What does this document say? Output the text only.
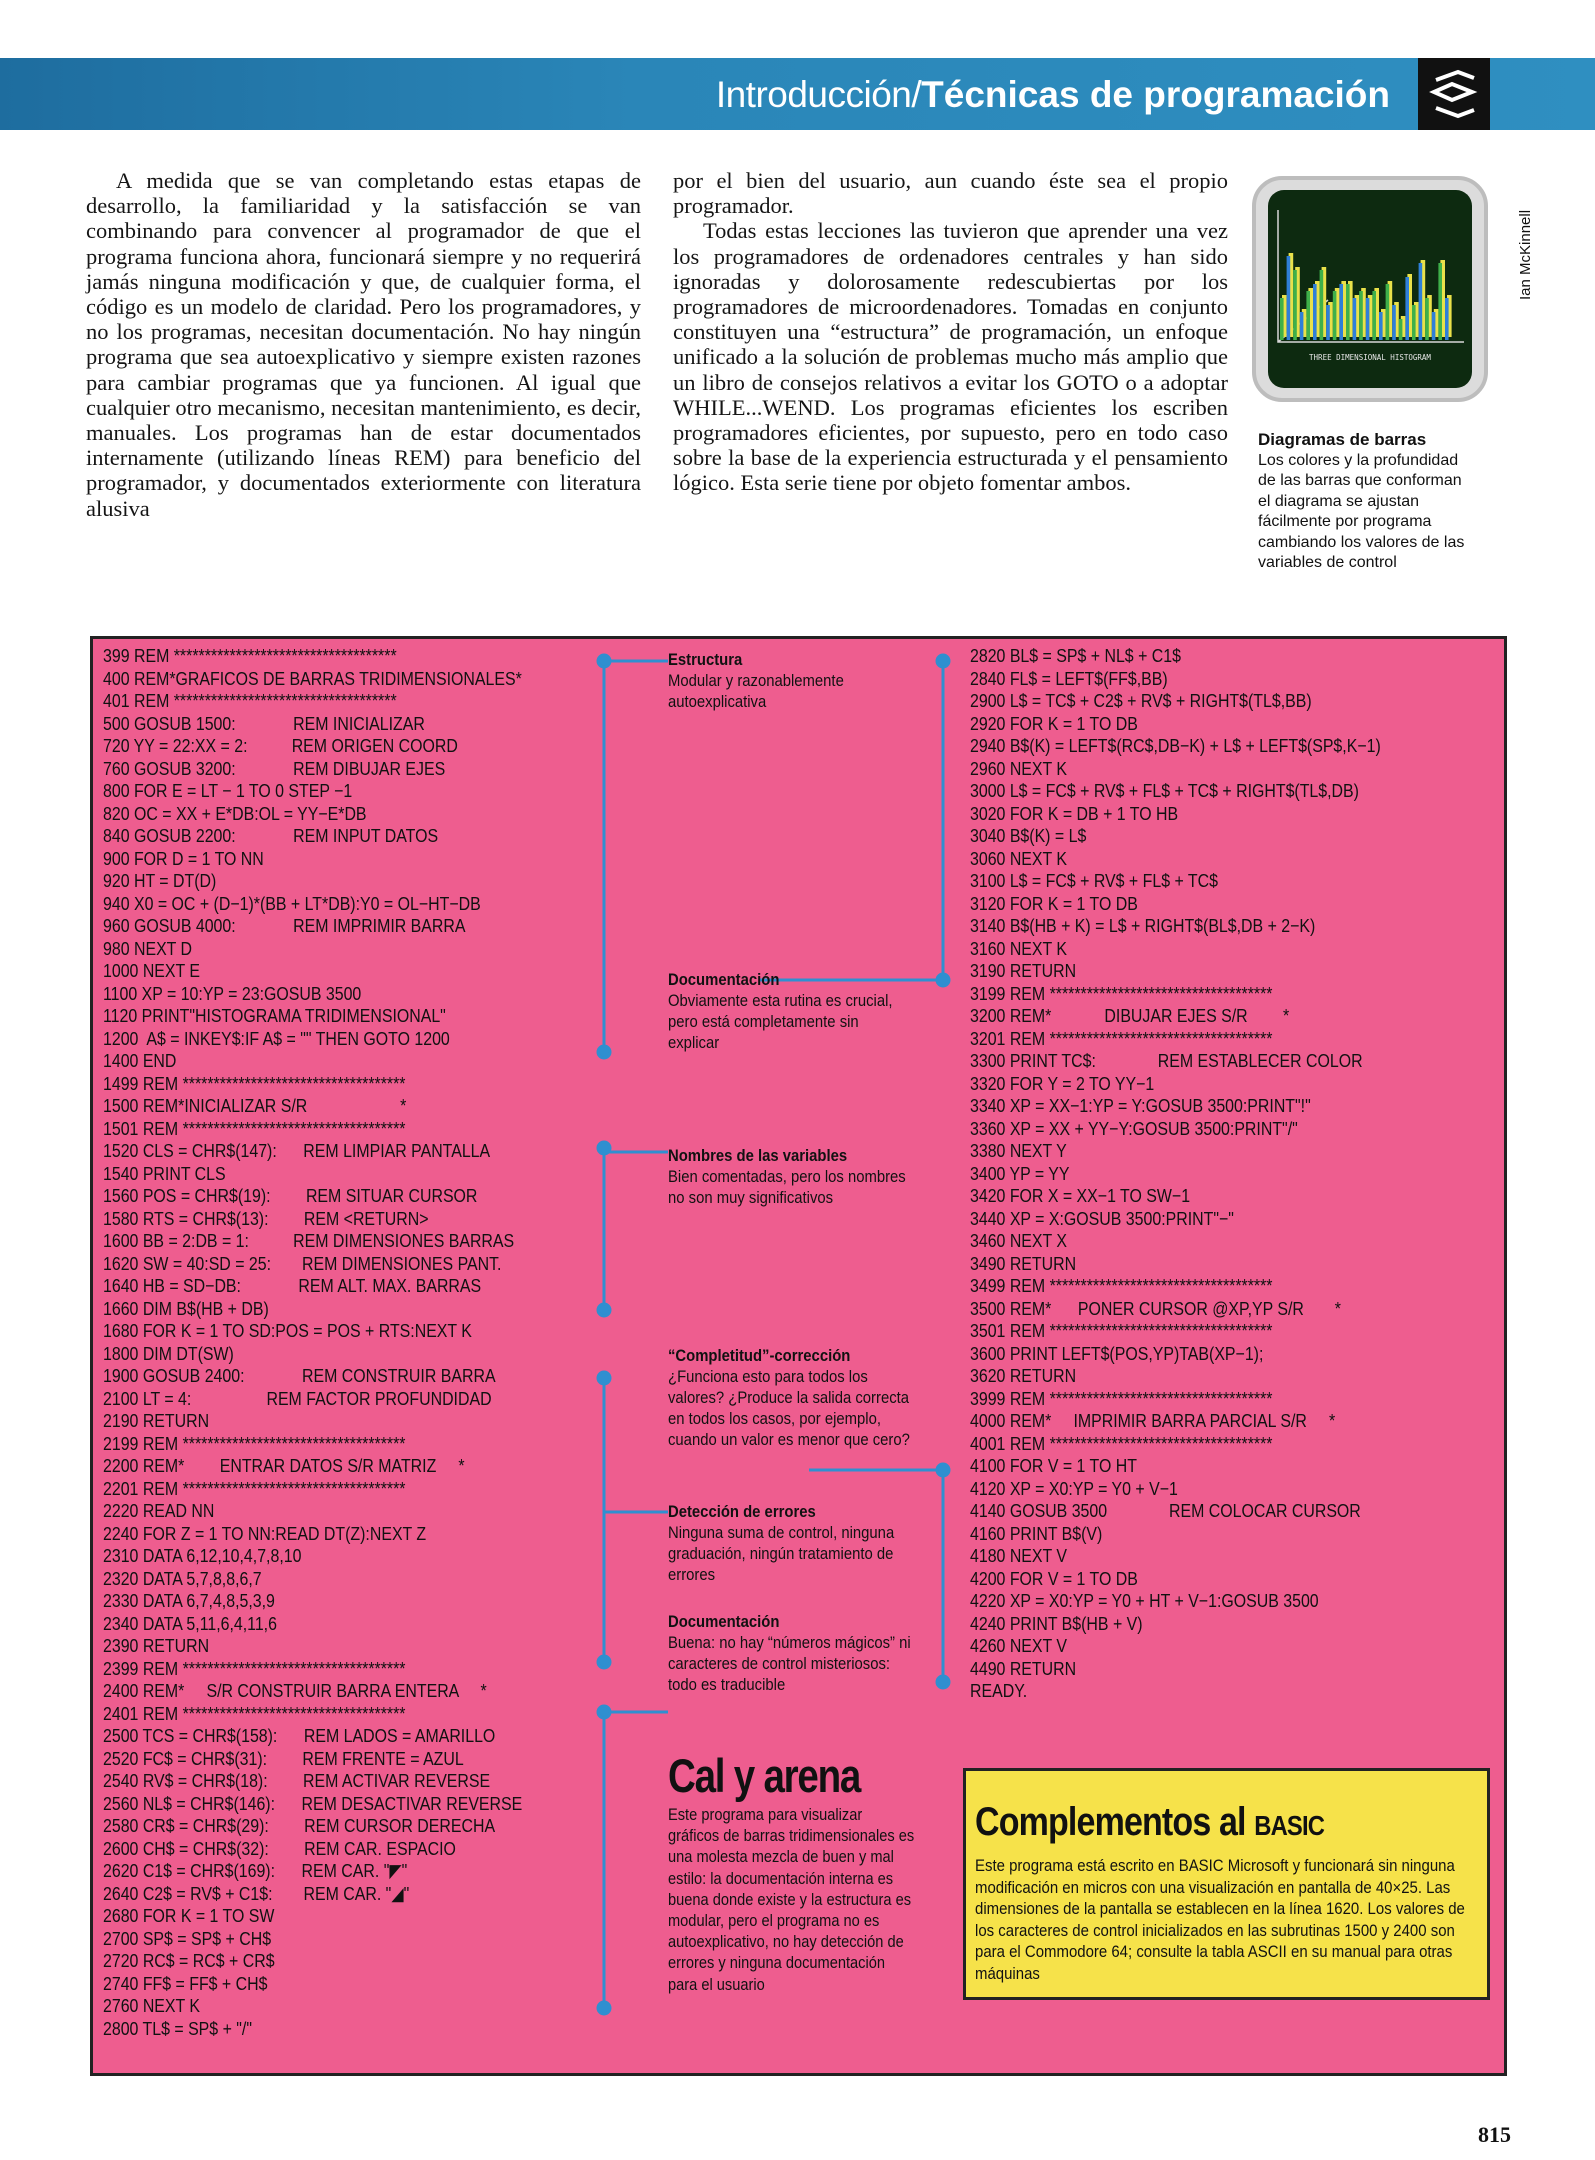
Introducción/Técnicas de programación

A medida que se van completando estas etapas de desarrollo, la familiaridad y la satisfacción se van combinando para convencer al programador de que el programa funciona ahora, funcionará siempre y no requerirá jamás ninguna modificación y que, de cualquier forma, el código es un modelo de claridad. Pero los programadores, y no los programas, necesitan documentación. No hay ningún programa que sea autoexplicativo y siempre existen razones para cambiar programas que ya funcionen. Al igual que cualquier otro mecanismo, necesitan mantenimiento, es decir, manuales. Los programas han de estar documentados internamente (utilizando líneas REM) para beneficio del programador, y documentados exteriormente con literatura alusiva

por el bien del usuario, aun cuando éste sea el propio programador.

Todas estas lecciones las tuvieron que aprender una vez los programadores de ordenadores centrales y han sido ignoradas y dolorosamente redescubiertas por los programadores de microordenadores. Tomadas en conjunto constituyen una “estructura” de programación, un enfoque unificado a la solución de problemas mucho más amplio que un libro de consejos relativos a evitar los GOTO o a adoptar WHILE...WEND. Los programas eficientes los escriben programadores eficientes, por supuesto, pero en todo caso sobre la base de la experiencia estructurada y el pensamiento lógico. Esta serie tiene por objeto fomentar ambos.

THREE DIMENSIONAL HISTOGRAM
Ian McKinnell
Diagramas de barras
Los colores y la profundidad de las barras que conforman el diagrama se ajustan fácilmente por programa cambiando los valores de las variables de control
399 REM ************************************
400 REM*GRAFICOS DE BARRAS TRIDIMENSIONALES*
401 REM ************************************
500 GOSUB 1500:             REM INICIALIZAR
720 YY = 22:XX = 2:          REM ORIGEN COORD
760 GOSUB 3200:             REM DIBUJAR EJES
800 FOR E = LT − 1 TO 0 STEP −1
820 OC = XX + E*DB:OL = YY−E*DB
840 GOSUB 2200:             REM INPUT DATOS
900 FOR D = 1 TO NN
920 HT = DT(D)
940 X0 = OC + (D−1)*(BB + LT*DB):Y0 = OL−HT−DB
960 GOSUB 4000:             REM IMPRIMIR BARRA
980 NEXT D
1000 NEXT E
1100 XP = 10:YP = 23:GOSUB 3500
1120 PRINT"HISTOGRAMA TRIDIMENSIONAL"
1200  A$ = INKEY$:IF A$ = "" THEN GOTO 1200
1400 END
1499 REM ************************************
1500 REM*INICIALIZAR S/R                     *
1501 REM ************************************
1520 CLS = CHR$(147):      REM LIMPIAR PANTALLA
1540 PRINT CLS
1560 POS = CHR$(19):        REM SITUAR CURSOR
1580 RTS = CHR$(13):        REM <RETURN>
1600 BB = 2:DB = 1:          REM DIMENSIONES BARRAS
1620 SW = 40:SD = 25:       REM DIMENSIONES PANT.
1640 HB = SD−DB:             REM ALT. MAX. BARRAS
1660 DIM B$(HB + DB)
1680 FOR K = 1 TO SD:POS = POS + RTS:NEXT K
1800 DIM DT(SW)
1900 GOSUB 2400:             REM CONSTRUIR BARRA
2100 LT = 4:                 REM FACTOR PROFUNDIDAD
2190 RETURN
2199 REM ************************************
2200 REM*        ENTRAR DATOS S/R MATRIZ     *
2201 REM ************************************
2220 READ NN
2240 FOR Z = 1 TO NN:READ DT(Z):NEXT Z
2310 DATA 6,12,10,4,7,8,10
2320 DATA 5,7,8,8,6,7
2330 DATA 6,7,4,8,5,3,9
2340 DATA 5,11,6,4,11,6
2390 RETURN
2399 REM ************************************
2400 REM*     S/R CONSTRUIR BARRA ENTERA     *
2401 REM ************************************
2500 TCS = CHR$(158):      REM LADOS = AMARILLO
2520 FC$ = CHR$(31):        REM FRENTE = AZUL
2540 RV$ = CHR$(18):        REM ACTIVAR REVERSE
2560 NL$ = CHR$(146):      REM DESACTIVAR REVERSE
2580 CR$ = CHR$(29):        REM CURSOR DERECHA
2600 CH$ = CHR$(32):        REM CAR. ESPACIO
2620 C1$ = CHR$(169):      REM CAR. "◤"
2640 C2$ = RV$ + C1$:       REM CAR. "◢"
2680 FOR K = 1 TO SW
2700 SP$ = SP$ + CH$
2720 RC$ = RC$ + CR$
2740 FF$ = FF$ + CH$
2760 NEXT K
2800 TL$ = SP$ + "/"
2820 BL$ = SP$ + NL$ + C1$
2840 FL$ = LEFT$(FF$,BB)
2900 L$ = TC$ + C2$ + RV$ + RIGHT$(TL$,BB)
2920 FOR K = 1 TO DB
2940 B$(K) = LEFT$(RC$,DB−K) + L$ + LEFT$(SP$,K−1)
2960 NEXT K
3000 L$ = FC$ + RV$ + FL$ + TC$ + RIGHT$(TL$,DB)
3020 FOR K = DB + 1 TO HB
3040 B$(K) = L$
3060 NEXT K
3100 L$ = FC$ + RV$ + FL$ + TC$
3120 FOR K = 1 TO DB
3140 B$(HB + K) = L$ + RIGHT$(BL$,DB + 2−K)
3160 NEXT K
3190 RETURN
3199 REM ************************************
3200 REM*            DIBUJAR EJES S/R        *
3201 REM ************************************
3300 PRINT TC$:              REM ESTABLECER COLOR
3320 FOR Y = 2 TO YY−1
3340 XP = XX−1:YP = Y:GOSUB 3500:PRINT"!"
3360 XP = XX + YY−Y:GOSUB 3500:PRINT"/"
3380 NEXT Y
3400 YP = YY
3420 FOR X = XX−1 TO SW−1
3440 XP = X:GOSUB 3500:PRINT"−"
3460 NEXT X
3490 RETURN
3499 REM ************************************
3500 REM*      PONER CURSOR @XP,YP S/R       *
3501 REM ************************************
3600 PRINT LEFT$(POS,YP)TAB(XP−1);
3620 RETURN
3999 REM ************************************
4000 REM*     IMPRIMIR BARRA PARCIAL S/R     *
4001 REM ************************************
4100 FOR V = 1 TO HT
4120 XP = X0:YP = Y0 + V−1
4140 GOSUB 3500              REM COLOCAR CURSOR
4160 PRINT B$(V)
4180 NEXT V
4200 FOR V = 1 TO DB
4220 XP = X0:YP = Y0 + HT + V−1:GOSUB 3500
4240 PRINT B$(HB + V)
4260 NEXT V
4490 RETURN
READY.
Estructura
Modular y razonablemente autoexplicativa
Documentación
Obviamente esta rutina es crucial, pero está completamente sin explicar
Nombres de las variables
Bien comentadas, pero los nombres no son muy significativos
“Completitud”-corrección
¿Funciona esto para todos los valores? ¿Produce la salida correcta en todos los casos, por ejemplo, cuando un valor es menor que cero?
Detección de errores
Ninguna suma de control, ninguna graduación, ningún tratamiento de errores
Documentación
Buena: no hay “números mágicos” ni caracteres de control misteriosos: todo es traducible
Cal y arena
Este programa para visualizar gráficos de barras tridimensionales es una molesta mezcla de buen y mal estilo: la documentación interna es buena donde existe y la estructura es modular, pero el programa no es autoexplicativo, no hay detección de errores y ninguna documentación para el usuario
Complementos al BASIC
Este programa está escrito en BASIC Microsoft y funcionará sin ninguna modificación en micros con una visualización en pantalla de 40×25. Las dimensiones de la pantalla se establecen en la línea 1620. Los valores de los caracteres de control inicializados en las subrutinas 1500 y 2400 son para el Commodore 64; consulte la tabla ASCII en su manual para otras máquinas
815
